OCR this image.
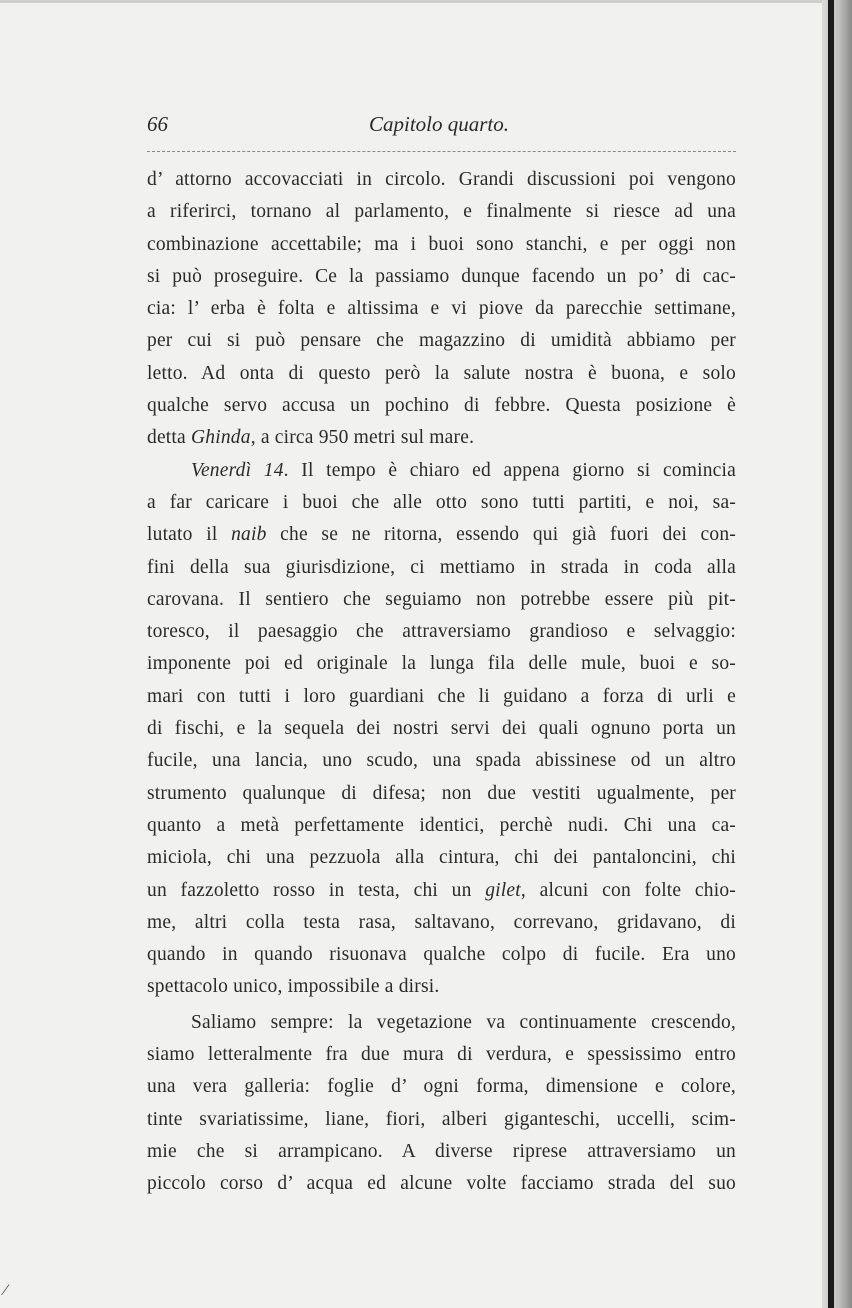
66	Capitolo quarto.
d’ attorno accovacciati in circolo. Grandi discussioni poi vengono
a riferirci, tornano al parlamento, e finalmente si riesce ad una
combinazione accettabile; ma i buoi sono stanchi, e per oggi non
si può proseguire. Ce la passiamo dunque facendo un po’ di cac-
cia: l’ erba è folta e altissima e vi piove da parecchie settimane,
per cui si può pensare che magazzino di umidità abbiamo per
letto. Ad onta di questo però la salute nostra è buona, e solo
qualche servo accusa un pochino di febbre. Questa posizione è
detta Ghinda, a circa 950 metri sul mare.
Venerdì 14. Il tempo è chiaro ed appena giorno si comincia
a far caricare i buoi che alle otto sono tutti partiti, e noi, sa-
lutato il naib che se ne ritorna, essendo qui già fuori dei con-
fini della sua giurisdizione, ci mettiamo in strada in coda alla
carovana. Il sentiero che seguiamo non potrebbe essere più pit-
toresco, il paesaggio che attraversiamo grandioso e selvaggio:
imponente poi ed originale la lunga fila delle mule, buoi e so-
mari con tutti i loro guardiani che li guidano a forza di urli e
di fischi, e la sequela dei nostri servi dei quali ognuno porta un
fucile, una lancia, uno scudo, una spada abissinese od un altro
strumento qualunque di difesa; non due vestiti ugualmente, per
quanto a metà perfettamente identici, perchè nudi. Chi una ca-
miciola, chi una pezzuola alla cintura, chi dei pantaloncini, chi
un fazzoletto rosso in testa, chi un gilet, alcuni con folte chio-
me, altri colla testa rasa, saltavano, correvano, gridavano, di
quando in quando risuonava qualche colpo di fucile. Era uno
spettacolo unico, impossibile a dirsi.
Saliamo sempre: la vegetazione va continuamente crescendo,
siamo letteralmente fra due mura di verdura, e spessissimo entro
una vera galleria: foglie d’ ogni forma, dimensione e colore,
tinte svariatissime, liane, fiori, alberi giganteschi, uccelli, scim-
mie che si arrampicano. A diverse riprese attraversiamo un
piccolo corso d’ acqua ed alcune volte facciamo strada del suo
⁄
